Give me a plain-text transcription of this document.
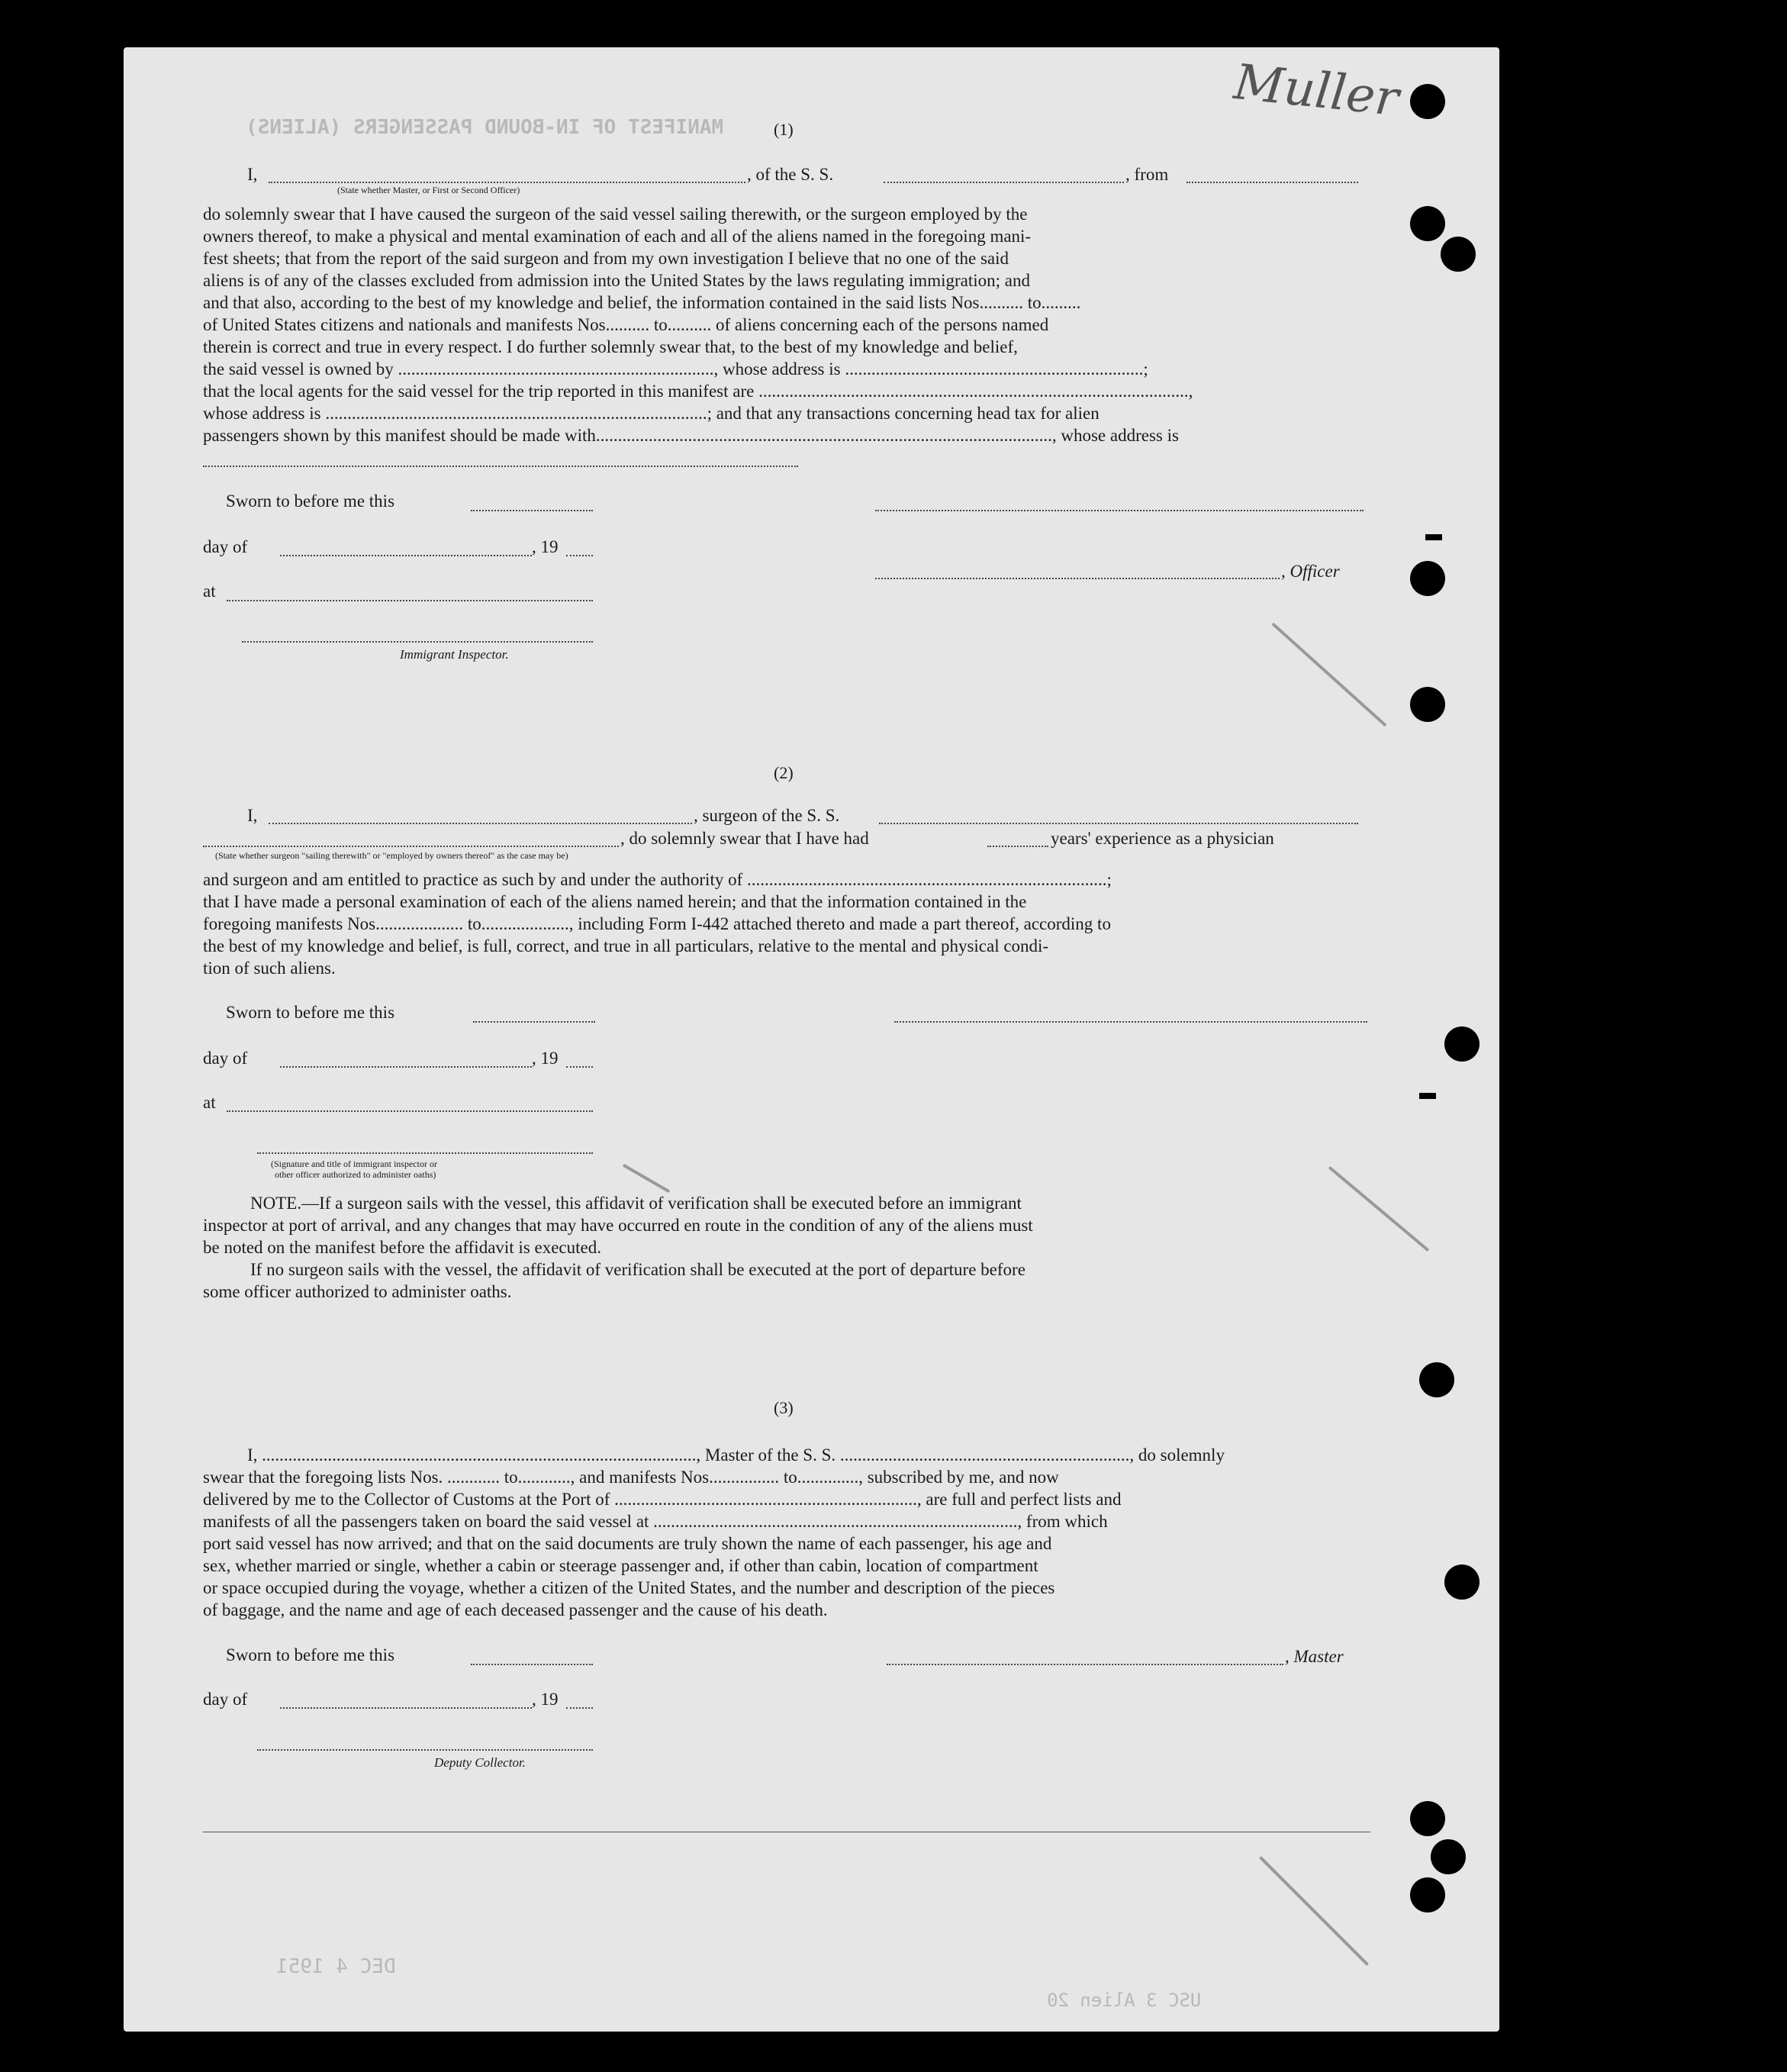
MANIFEST OF IN-BOUND PASSENGERS (ALIENS)
USC 3 Alien 20
DEC 4 1951
Muller
(1)
I,	, of the S. S.	, from
(State whether Master, or First or Second Officer)
do solemnly swear that I have caused the surgeon of the said vessel sailing therewith, or the surgeon employed by the
owners thereof, to make a physical and mental examination of each and all of the aliens named in the foregoing mani-
fest sheets; that from the report of the said surgeon and from my own investigation I believe that no one of the said
aliens is of any of the classes excluded from admission into the United States by the laws regulating immigration; and
and that also, according to the best of my knowledge and belief, the information contained in the said lists Nos.......... to.........
of United States citizens and nationals and manifests Nos.......... to.......... of aliens concerning each of the persons named
therein is correct and true in every respect. I do further solemnly swear that, to the best of my knowledge and belief,
the said vessel is owned by ........................................................................, whose address is ....................................................................;
that the local agents for the said vessel for the trip reported in this manifest are ..................................................................................................,
whose address is .......................................................................................; and that any transactions concerning head tax for alien
passengers shown by this manifest should be made with........................................................................................................, whose address is
Sworn to before me this
day of	, 19
, Officer
at
Immigrant Inspector.
(2)
I,	, surgeon of the S. S.
, do solemnly swear that I have had	years' experience as a physician
(State whether surgeon "sailing therewith" or "employed by owners thereof" as the case may be)
and surgeon and am entitled to practice as such by and under the authority of ..................................................................................;
that I have made a personal examination of each of the aliens named herein; and that the information contained in the
foregoing manifests Nos.................... to...................., including Form I-442 attached thereto and made a part thereof, according to
the best of my knowledge and belief, is full, correct, and true in all particulars, relative to the mental and physical condi-
tion of such aliens.
Sworn to before me this
day of	, 19
at
(Signature and title of immigrant inspector or
other officer authorized to administer oaths)
NOTE.—If a surgeon sails with the vessel, this affidavit of verification shall be executed before an immigrant
inspector at port of arrival, and any changes that may have occurred en route in the condition of any of the aliens must
be noted on the manifest before the affidavit is executed.
If no surgeon sails with the vessel, the affidavit of verification shall be executed at the port of departure before
some officer authorized to administer oaths.
(3)
I, ..................................................................................................., Master of the S. S. .................................................................., do solemnly
swear that the foregoing lists Nos. ............ to............, and manifests Nos................ to.............., subscribed by me, and now
delivered by me to the Collector of Customs at the Port of ....................................................................., are full and perfect lists and
manifests of all the passengers taken on board the said vessel at ..................................................................................., from which
port said vessel has now arrived; and that on the said documents are truly shown the name of each passenger, his age and
sex, whether married or single, whether a cabin or steerage passenger and, if other than cabin, location of compartment
or space occupied during the voyage, whether a citizen of the United States, and the number and description of the pieces
of baggage, and the name and age of each deceased passenger and the cause of his death.
Sworn to before me this	, Master
day of	, 19
Deputy Collector.
